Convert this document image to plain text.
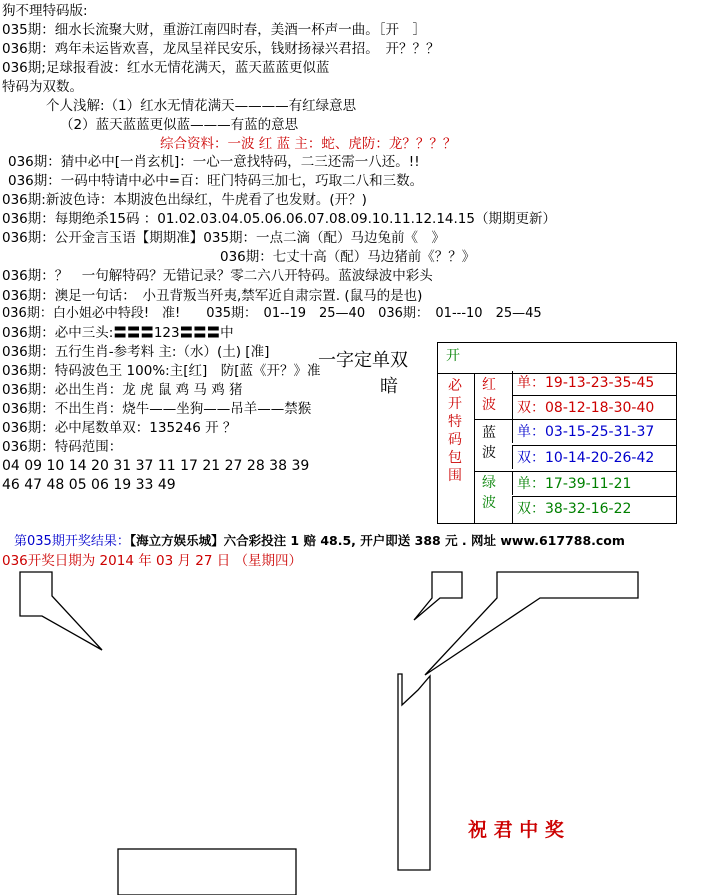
狗不理特码版:
035期：细水长流聚大财，重游江南四时春，美酒一杯声一曲。［开　］
036期：鸡年未运皆欢喜，龙凤呈祥民安乐，钱财扬禄兴君招。　开？？？
036期;足球报看波：红水无情花满天，蓝天蓝蓝更似蓝
特码为双数。
个人浅解:（1）红水无情花满天————有红绿意思
（2）蓝天蓝蓝更似蓝———有蓝的意思
综合资料：一波 红 蓝 主：蛇、虎防：龙？？？？
036期：猜中必中[一肖玄机]：一心一意找特码，二三还需一八还。!!
036期：一码中特请中必中=百：旺门特码三加七，巧取二八和三数。
036期:新波色诗：本期波色出绿红，牛虎看了也发财。(开？)
036期：每期绝杀15码 ：01.02.03.04.05.06.06.07.08.09.10.11.12.14.15（期期更新）
036期：公开金言玉语【期期准】035期：一点二滴（配）马边兔前《　》
036期：七丈十高（配）马边猪前《？？》
036期：？　一句解特码？无错记录？零二六八开特码。蓝波绿波中彩头
036期：澳足一句话：　小丑背叛当歼夷,禁军近自肃宗置. (鼠马的是也)
036期：白小姐必中特段!　准!　　035期：　01--19　25—40　036期：　01---10　25—45
036期：必中三头:〓〓〓123〓〓〓中
036期：五行生肖-参考料 主:（水）(土) [准]
036期：特码波色王 100%:主[红]　防[蓝《开？》准
036期：必出生肖：龙 虎 鼠 鸡 马 鸡 猪
036期：不出生肖：烧牛——坐狗——吊羊——禁猴
036期：必中尾数单双：135246 开 ？
036期：特码范围：
04 09 10 14 20 31 37 11 17 21 27 28 38 39
46 47 48 05 06 19 33 49
一字定单双
暗
第035期开奖结果：【海立方娱乐城】六合彩投注 1 赔 48.5, 开户即送 388 元 . 网址 www.617788.com
036开奖日期为 2014 年 03 月 27 日 （星期四）
祝 君 中 奖
开
必
开
特
码
包
围
红
波
蓝
波
绿
波
单：19-13-23-35-45
双：08-12-18-30-40
单：03-15-25-31-37
双：10-14-20-26-42
单：17-39-11-21
双：38-32-16-22
